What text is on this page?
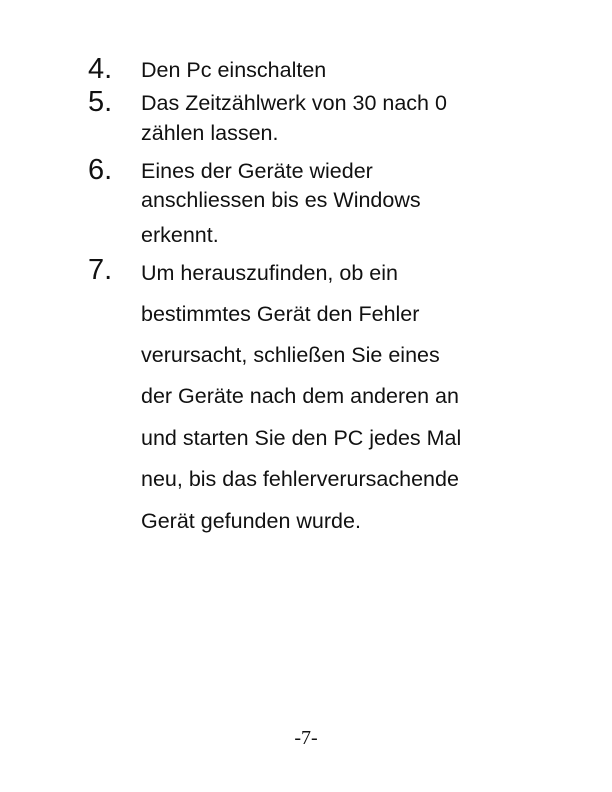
4. Den Pc einschalten
5. Das Zeitzählwerk von 30 nach 0
zählen lassen.
6. Eines der Geräte wieder
anschliessen bis es Windows
erkennt.
7. Um herauszufinden, ob ein
bestimmtes Gerät den Fehler
verursacht, schließen Sie eines
der Geräte nach dem anderen an
und starten Sie den PC jedes Mal
neu, bis das fehlerverursachende
Gerät gefunden wurde.
-7-
